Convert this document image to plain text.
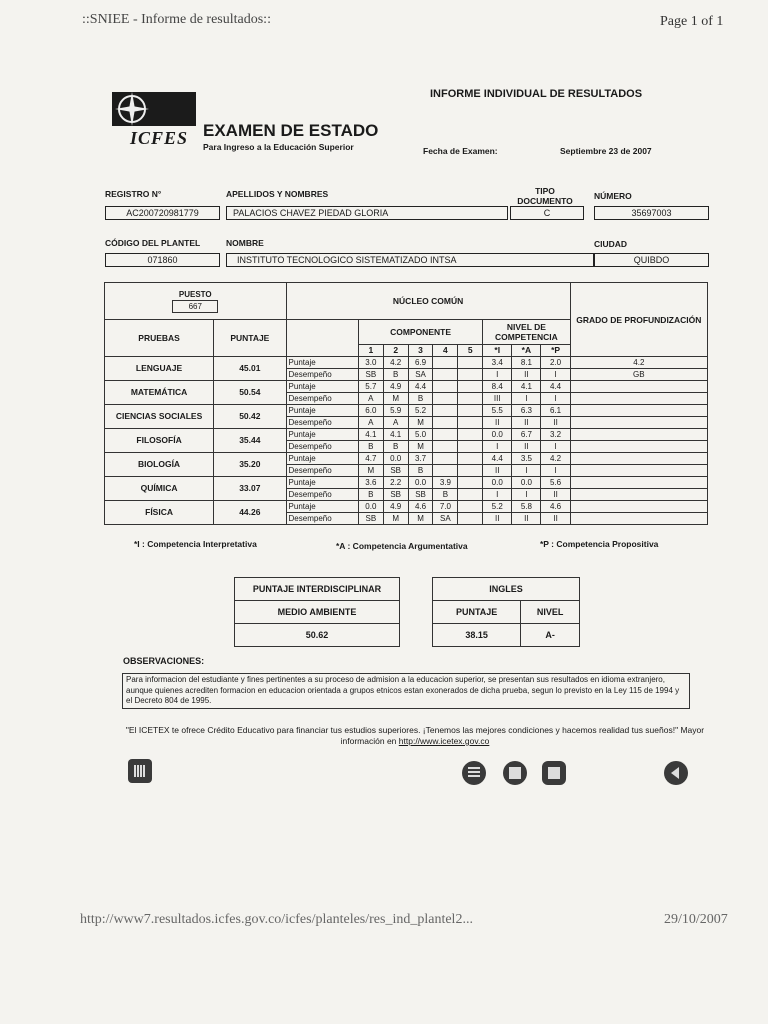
::SNIEE - Informe de resultados::	Page 1 of 1
http://www7.resultados.icfes.gov.co/icfes/planteles/res_ind_plantel2...	29/10/2007
INFORME INDIVIDUAL DE RESULTADOS
ICFES EXAMEN DE ESTADO
Para Ingreso a la Educación Superior	Fecha de Examen:	Septiembre 23 de 2007
REGISTRO N°	APELLIDOS Y NOMBRES	TIPO DOCUMENTO	NÚMERO
AC200720981779	PALACIOS CHAVEZ PIEDAD GLORIA	C	35697003
CÓDIGO DEL PLANTEL	NOMBRE	CIUDAD
071860	INSTITUTO TECNOLOGICO SISTEMATIZADO INTSA	QUIBDO
PUESTO
667		NÚCLEO COMÚN									GRADO DE PROFUNDIZACIÓN
PRUEBAS	PUNTAJE		COMPONENTE					NIVEL DE COMPETENCIA			
			1	2	3	4	5	*I	*A	*P	
LENGUAJE	45.01	Puntaje	3.0	4.2	6.9			3.4	8.1	2.0	4.2
		Desempeño	SB	B	SA			I	II	I	GB
MATEMÁTICA	50.54	Puntaje	5.7	4.9	4.4			8.4	4.1	4.4	
		Desempeño	A	M	B			III	I	I	
CIENCIAS SOCIALES	50.42	Puntaje	6.0	5.9	5.2			5.5	6.3	6.1	
		Desempeño	A	A	M			II	II	II	
FILOSOFÍA	35.44	Puntaje	4.1	4.1	5.0			0.0	6.7	3.2	
		Desempeño	B	B	M			I	II	I	
BIOLOGÍA	35.20	Puntaje	4.7	0.0	3.7			4.4	3.5	4.2	
		Desempeño	M	SB	B			II	I	I	
QUÍMICA	33.07	Puntaje	3.6	2.2	0.0	3.9		0.0	0.0	5.6	
		Desempeño	B	SB	SB	B		I	I	II	
FÍSICA	44.26	Puntaje	0.0	4.9	4.6	7.0		5.2	5.8	4.6	
		Desempeño	SB	M	M	SA		II	II	II	
*I : Competencia Interpretativa	*A : Competencia Argumentativa	*P : Competencia Propositiva
PUNTAJE INTERDISCIPLINAR
MEDIO AMBIENTE
50.62
INGLES	
PUNTAJE	NIVEL
38.15	A-
OBSERVACIONES:
Para informacion del estudiante y fines pertinentes a su proceso de admision a la educacion superior, se presentan sus resultados en idioma extranjero, aunque quienes acrediten formacion en educacion orientada a grupos etnicos estan exonerados de dicha prueba, segun lo previsto en la Ley 115 de 1994 y el Decreto 804 de 1995.
"El ICETEX te ofrece Crédito Educativo para financiar tus estudios superiores. ¡Tenemos las mejores condiciones y hacemos realidad tus sueños!" Mayor información en http://www.icetex.gov.co
